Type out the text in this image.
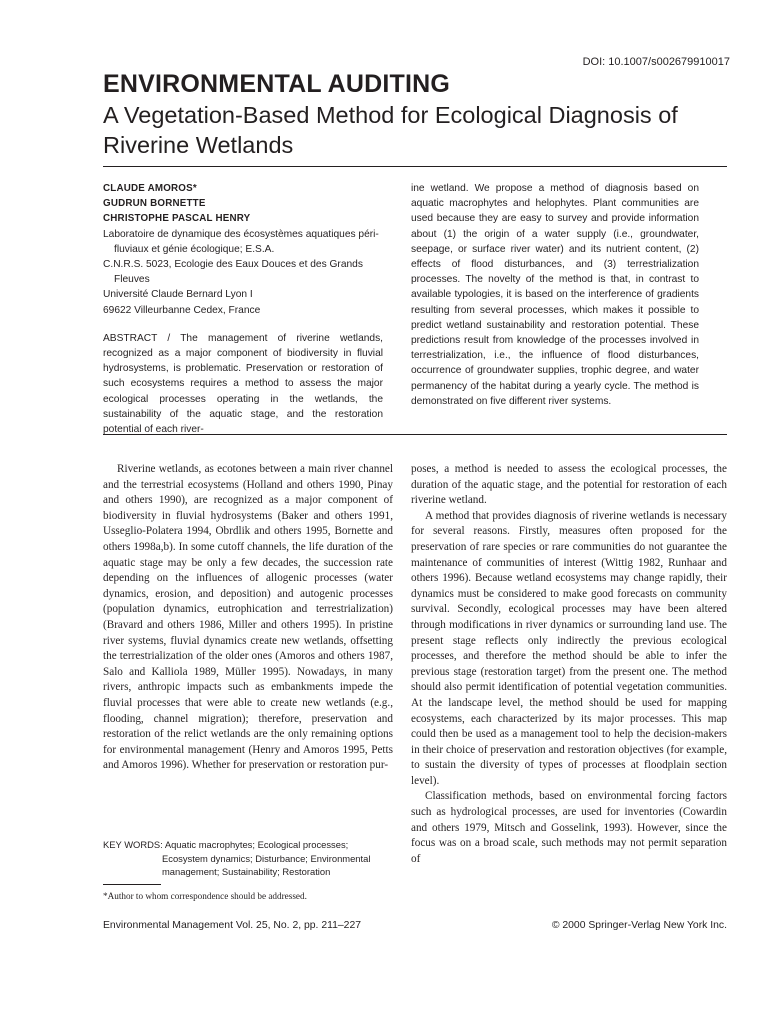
DOI: 10.1007/s002679910017
ENVIRONMENTAL AUDITING
A Vegetation-Based Method for Ecological Diagnosis of Riverine Wetlands
CLAUDE AMOROS*
GUDRUN BORNETTE
CHRISTOPHE PASCAL HENRY
Laboratoire de dynamique des écosystèmes aquatiques péri-fluviaux et génie écologique; E.S.A.
C.N.R.S. 5023, Ecologie des Eaux Douces et des Grands Fleuves
Université Claude Bernard Lyon I
69622 Villeurbanne Cedex, France
ABSTRACT / The management of riverine wetlands, recognized as a major component of biodiversity in fluvial hydrosystems, is problematic. Preservation or restoration of such ecosystems requires a method to assess the major ecological processes operating in the wetlands, the sustainability of the aquatic stage, and the restoration potential of each river-
ine wetland. We propose a method of diagnosis based on aquatic macrophytes and helophytes. Plant communities are used because they are easy to survey and provide information about (1) the origin of a water supply (i.e., groundwater, seepage, or surface river water) and its nutrient content, (2) effects of flood disturbances, and (3) terrestrialization processes. The novelty of the method is that, in contrast to available typologies, it is based on the interference of gradients resulting from several processes, which makes it possible to predict wetland sustainability and restoration potential. These predictions result from knowledge of the processes involved in terrestrialization, i.e., the influence of flood disturbances, occurrence of groundwater supplies, trophic degree, and water permanency of the habitat during a yearly cycle. The method is demonstrated on five different river systems.

Riverine wetlands, as ecotones between a main river channel and the terrestrial ecosystems (Holland and others 1990, Pinay and others 1990), are recognized as a major component of biodiversity in fluvial hydrosystems (Baker and others 1991, Usseglio-Polatera 1994, Obrdlik and others 1995, Bornette and others 1998a,b). In some cutoff channels, the life duration of the aquatic stage may be only a few decades, the succession rate depending on the influences of allogenic processes (water dynamics, erosion, and deposition) and autogenic processes (population dynamics, eutrophication and terrestrialization) (Bravard and others 1986, Miller and others 1995). In pristine river systems, fluvial dynamics create new wetlands, offsetting the terrestrialization of the older ones (Amoros and others 1987, Salo and Kalliola 1989, Müller 1995). Nowadays, in many rivers, anthropic impacts such as embankments impede the fluvial processes that were able to create new wetlands (e.g., flooding, channel migration); therefore, preservation and restoration of the relict wetlands are the only remaining options for environmental management (Henry and Amoros 1995, Petts and Amoros 1996). Whether for preservation or restoration pur-

poses, a method is needed to assess the ecological processes, the duration of the aquatic stage, and the potential for restoration of each riverine wetland.

A method that provides diagnosis of riverine wetlands is necessary for several reasons. Firstly, measures often proposed for the preservation of rare species or rare communities do not guarantee the maintenance of communities of interest (Wittig 1982, Runhaar and others 1996). Because wetland ecosystems may change rapidly, their dynamics must be considered to make good forecasts on community survival. Secondly, ecological processes may have been altered through modifications in river dynamics or surrounding land use. The present stage reflects only indirectly the previous ecological processes, and therefore the method should be able to infer the previous stage (restoration target) from the present one. The method should also permit identification of potential vegetation communities. At the landscape level, the method should be used for mapping ecosystems, each characterized by its major processes. This map could then be used as a management tool to help the decision-makers in their choice of preservation and restoration objectives (for example, to sustain the diversity of types of processes at floodplain section level).

Classification methods, based on environmental forcing factors such as hydrological processes, are used for inventories (Cowardin and others 1979, Mitsch and Gosselink, 1993). However, since the focus was on a broad scale, such methods may not permit separation of

KEY WORDS: Aquatic macrophytes; Ecological processes; Ecosystem dynamics; Disturbance; Environmental management; Sustainability; Restoration
*Author to whom correspondence should be addressed.
Environmental Management Vol. 25, No. 2, pp. 211–227	© 2000 Springer-Verlag New York Inc.
